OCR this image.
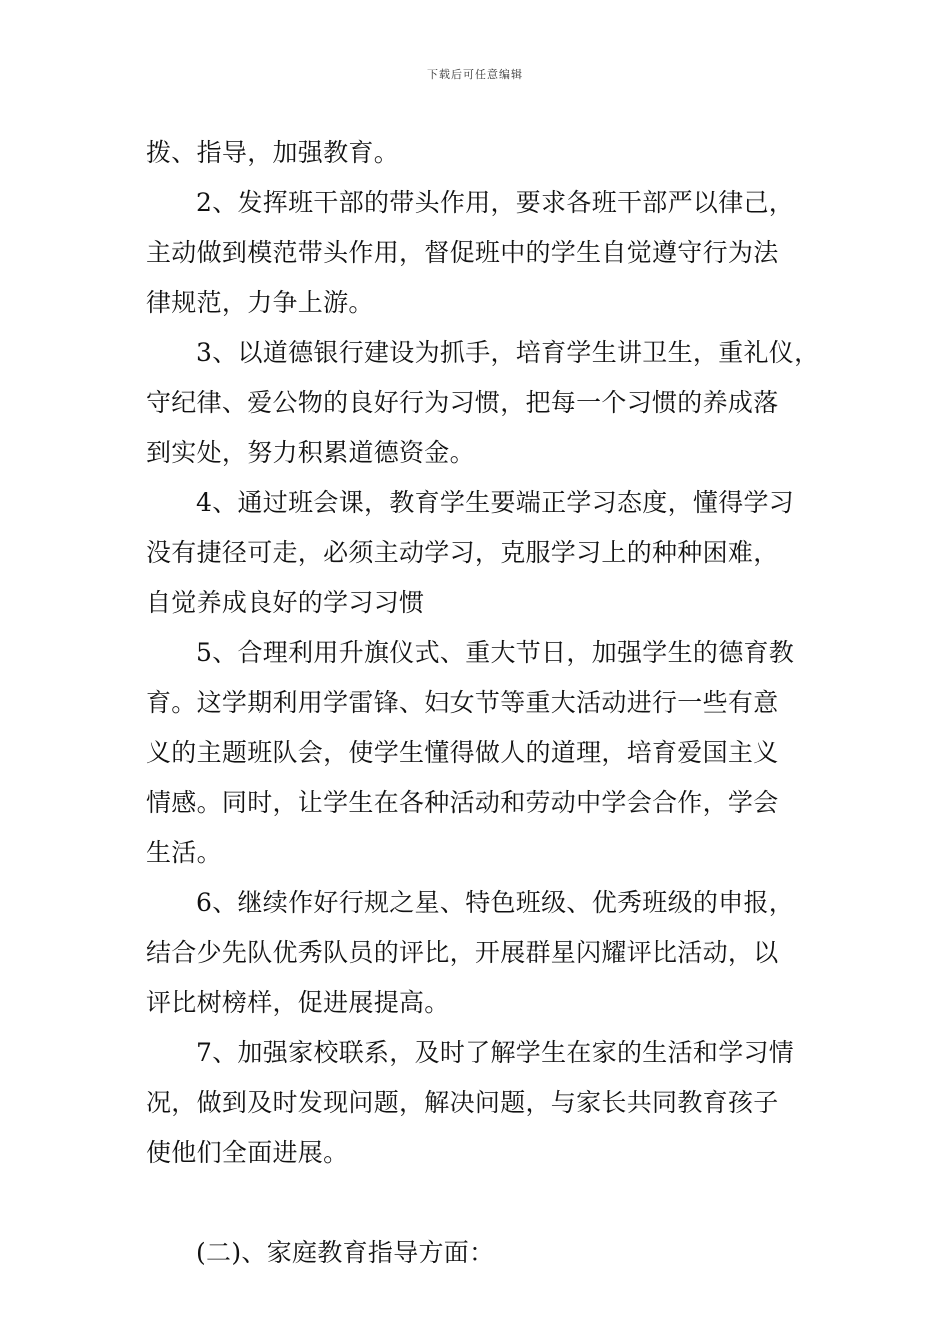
下载后可任意编辑
拨、指导，加强教育。
2、发挥班干部的带头作用，要求各班干部严以律己，
主动做到模范带头作用，督促班中的学生自觉遵守行为法
律规范，力争上游。
3、以道德银行建设为抓手，培育学生讲卫生，重礼仪，
守纪律、爱公物的良好行为习惯，把每一个习惯的养成落
到实处，努力积累道德资金。
4、通过班会课，教育学生要端正学习态度，懂得学习
没有捷径可走，必须主动学习，克服学习上的种种困难，
自觉养成良好的学习习惯
5、合理利用升旗仪式、重大节日，加强学生的德育教
育。这学期利用学雷锋、妇女节等重大活动进行一些有意
义的主题班队会，使学生懂得做人的道理，培育爱国主义
情感。同时，让学生在各种活动和劳动中学会合作，学会
生活。
6、继续作好行规之星、特色班级、优秀班级的申报，
结合少先队优秀队员的评比，开展群星闪耀评比活动，以
评比树榜样，促进展提高。
7、加强家校联系，及时了解学生在家的生活和学习情
况，做到及时发现问题，解决问题，与家长共同教育孩子
使他们全面进展。
(二)、家庭教育指导方面：
